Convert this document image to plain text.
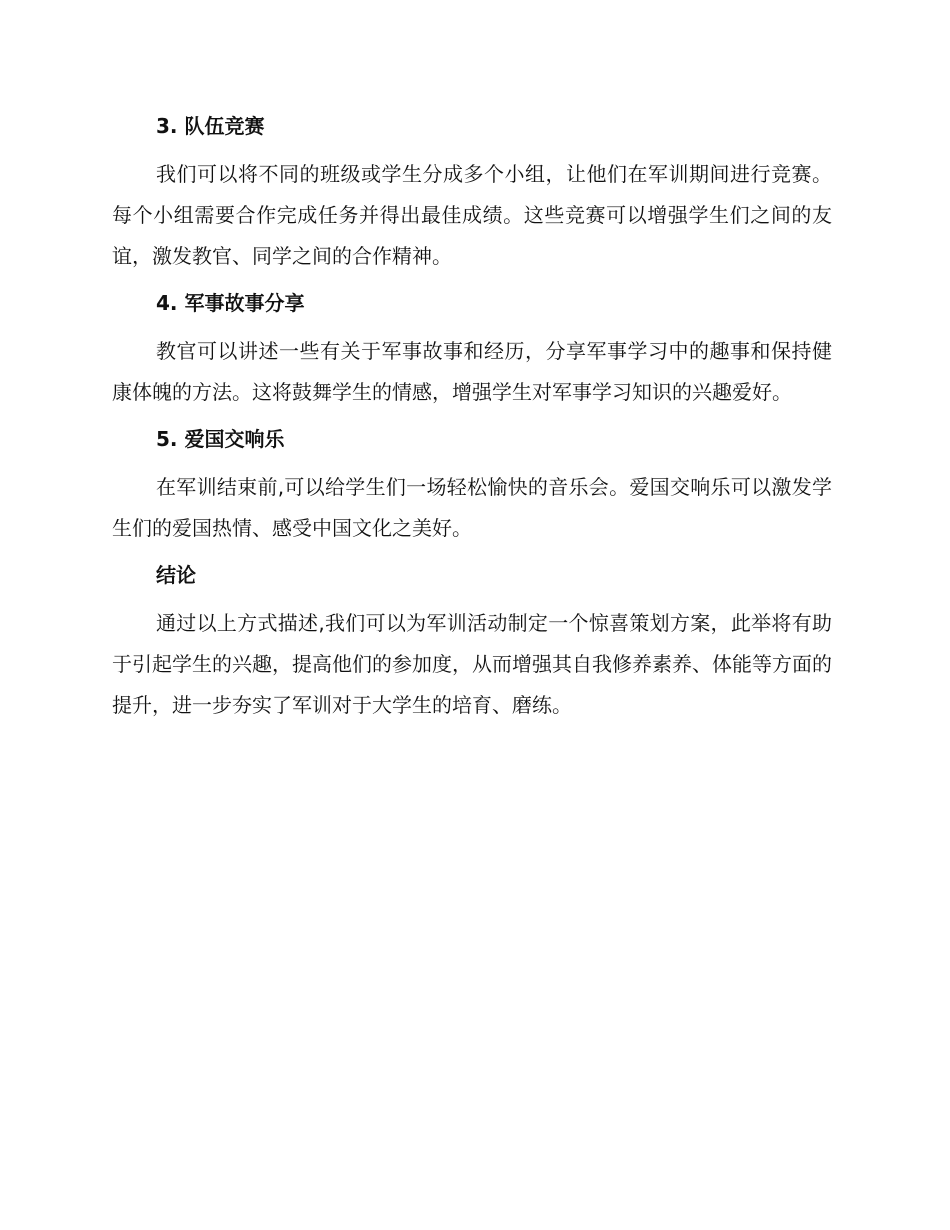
3. 队伍竞赛

我们可以将不同的班级或学生分成多个小组，让他们在军训期间进行竞赛。每个小组需要合作完成任务并得出最佳成绩。这些竞赛可以增强学生们之间的友谊，激发教官、同学之间的合作精神。

4. 军事故事分享

教官可以讲述一些有关于军事故事和经历，分享军事学习中的趣事和保持健康体魄的方法。这将鼓舞学生的情感，增强学生对军事学习知识的兴趣爱好。

5. 爱国交响乐

在军训结束前,可以给学生们一场轻松愉快的音乐会。爱国交响乐可以激发学生们的爱国热情、感受中国文化之美好。

结论

通过以上方式描述,我们可以为军训活动制定一个惊喜策划方案，此举将有助于引起学生的兴趣，提高他们的参加度，从而增强其自我修养素养、体能等方面的提升，进一步夯实了军训对于大学生的培育、磨练。
